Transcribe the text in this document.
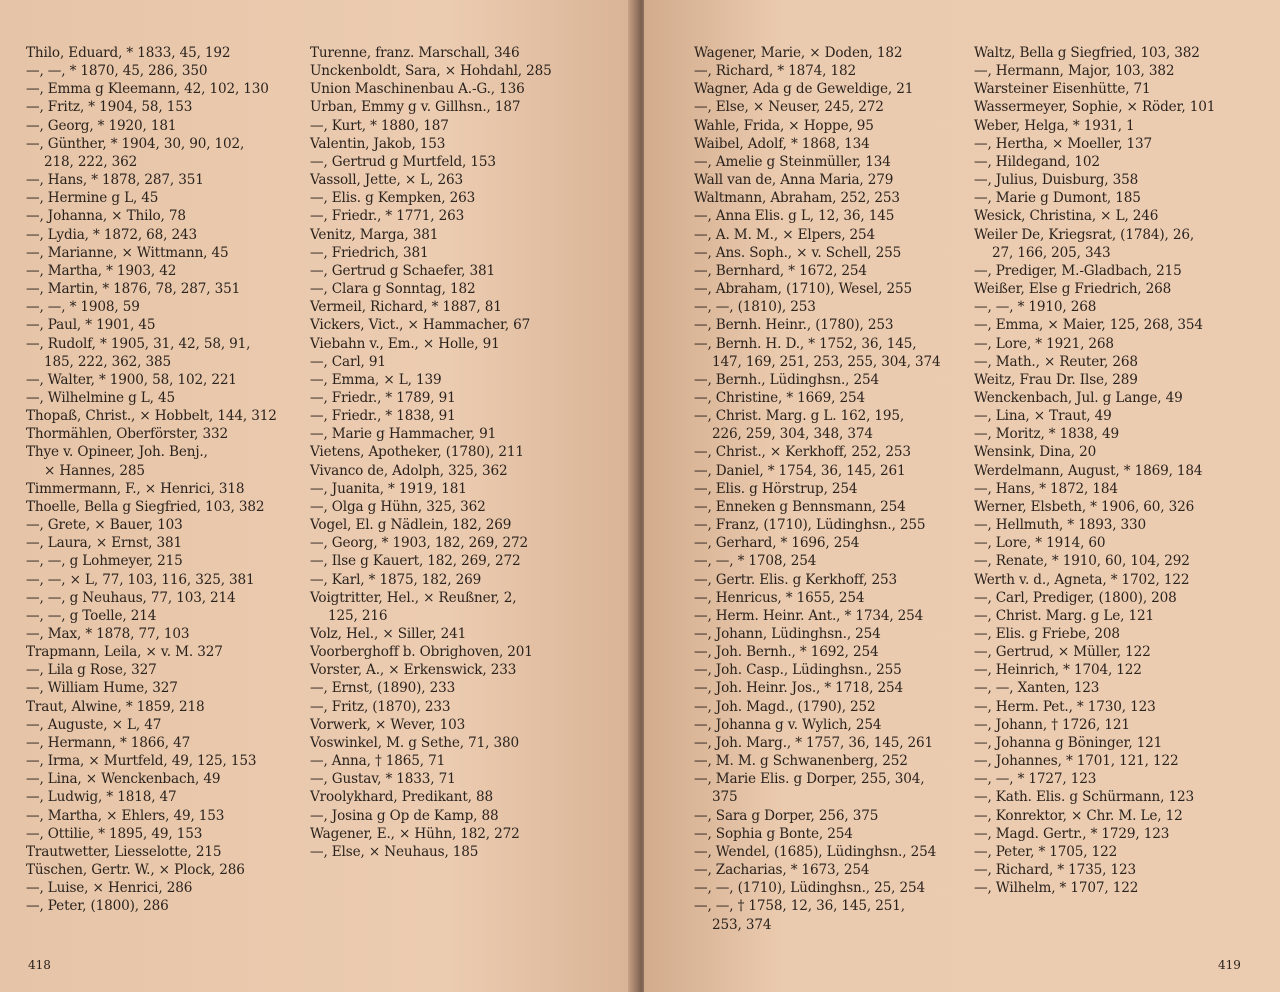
Thilo, Eduard, * 1833, 45, 192
—, —, * 1870, 45, 286, 350
—, Emma g Kleemann, 42, 102, 130
—, Fritz, * 1904, 58, 153
—, Georg, * 1920, 181
—, Günther, * 1904, 30, 90, 102,
218, 222, 362
—, Hans, * 1878, 287, 351
—, Hermine g L, 45
—, Johanna, × Thilo, 78
—, Lydia, * 1872, 68, 243
—, Marianne, × Wittmann, 45
—, Martha, * 1903, 42
—, Martin, * 1876, 78, 287, 351
—, —, * 1908, 59
—, Paul, * 1901, 45
—, Rudolf, * 1905, 31, 42, 58, 91,
185, 222, 362, 385
—, Walter, * 1900, 58, 102, 221
—, Wilhelmine g L, 45
Thopaß, Christ., × Hobbelt, 144, 312
Thormählen, Oberförster, 332
Thye v. Opineer, Joh. Benj.,
× Hannes, 285
Timmermann, F., × Henrici, 318
Thoelle, Bella g Siegfried, 103, 382
—, Grete, × Bauer, 103
—, Laura, × Ernst, 381
—, —, g Lohmeyer, 215
—, —, × L, 77, 103, 116, 325, 381
—, —, g Neuhaus, 77, 103, 214
—, —, g Toelle, 214
—, Max, * 1878, 77, 103
Trapmann, Leila, × v. M. 327
—, Lila g Rose, 327
—, William Hume, 327
Traut, Alwine, * 1859, 218
—, Auguste, × L, 47
—, Hermann, * 1866, 47
—, Irma, × Murtfeld, 49, 125, 153
—, Lina, × Wenckenbach, 49
—, Ludwig, * 1818, 47
—, Martha, × Ehlers, 49, 153
—, Ottilie, * 1895, 49, 153
Trautwetter, Liesselotte, 215
Tüschen, Gertr. W., × Plock, 286
—, Luise, × Henrici, 286
—, Peter, (1800), 286
Turenne, franz. Marschall, 346
Unckenboldt, Sara, × Hohdahl, 285
Union Maschinenbau A.-G., 136
Urban, Emmy g v. Gillhsn., 187
—, Kurt, * 1880, 187
Valentin, Jakob, 153
—, Gertrud g Murtfeld, 153
Vassoll, Jette, × L, 263
—, Elis. g Kempken, 263
—, Friedr., * 1771, 263
Venitz, Marga, 381
—, Friedrich, 381
—, Gertrud g Schaefer, 381
—, Clara g Sonntag, 182
Vermeil, Richard, * 1887, 81
Vickers, Vict., × Hammacher, 67
Viebahn v., Em., × Holle, 91
—, Carl, 91
—, Emma, × L, 139
—, Friedr., * 1789, 91
—, Friedr., * 1838, 91
—, Marie g Hammacher, 91
Vietens, Apotheker, (1780), 211
Vivanco de, Adolph, 325, 362
—, Juanita, * 1919, 181
—, Olga g Hühn, 325, 362
Vogel, El. g Nädlein, 182, 269
—, Georg, * 1903, 182, 269, 272
—, Ilse g Kauert, 182, 269, 272
—, Karl, * 1875, 182, 269
Voigtritter, Hel., × Reußner, 2,
125, 216
Volz, Hel., × Siller, 241
Voorberghoff b. Obrighoven, 201
Vorster, A., × Erkenswick, 233
—, Ernst, (1890), 233
—, Fritz, (1870), 233
Vorwerk, × Wever, 103
Voswinkel, M. g Sethe, 71, 380
—, Anna, † 1865, 71
—, Gustav, * 1833, 71
Vroolykhard, Predikant, 88
—, Josina g Op de Kamp, 88
Wagener, E., × Hühn, 182, 272
—, Else, × Neuhaus, 185
418
Wagener, Marie, × Doden, 182
—, Richard, * 1874, 182
Wagner, Ada g de Geweldige, 21
—, Else, × Neuser, 245, 272
Wahle, Frida, × Hoppe, 95
Waibel, Adolf, * 1868, 134
—, Amelie g Steinmüller, 134
Wall van de, Anna Maria, 279
Waltmann, Abraham, 252, 253
—, Anna Elis. g L, 12, 36, 145
—, A. M. M., × Elpers, 254
—, Ans. Soph., × v. Schell, 255
—, Bernhard, * 1672, 254
—, Abraham, (1710), Wesel, 255
—, —, (1810), 253
—, Bernh. Heinr., (1780), 253
—, Bernh. H. D., * 1752, 36, 145,
147, 169, 251, 253, 255, 304, 374
—, Bernh., Lüdinghsn., 254
—, Christine, * 1669, 254
—, Christ. Marg. g L. 162, 195,
226, 259, 304, 348, 374
—, Christ., × Kerkhoff, 252, 253
—, Daniel, * 1754, 36, 145, 261
—, Elis. g Hörstrup, 254
—, Enneken g Bennsmann, 254
—, Franz, (1710), Lüdinghsn., 255
—, Gerhard, * 1696, 254
—, —, * 1708, 254
—, Gertr. Elis. g Kerkhoff, 253
—, Henricus, * 1655, 254
—, Herm. Heinr. Ant., * 1734, 254
—, Johann, Lüdinghsn., 254
—, Joh. Bernh., * 1692, 254
—, Joh. Casp., Lüdinghsn., 255
—, Joh. Heinr. Jos., * 1718, 254
—, Joh. Magd., (1790), 252
—, Johanna g v. Wylich, 254
—, Joh. Marg., * 1757, 36, 145, 261
—, M. M. g Schwanenberg, 252
—, Marie Elis. g Dorper, 255, 304,
375
—, Sara g Dorper, 256, 375
—, Sophia g Bonte, 254
—, Wendel, (1685), Lüdinghsn., 254
—, Zacharias, * 1673, 254
—, —, (1710), Lüdinghsn., 25, 254
—, —, † 1758, 12, 36, 145, 251,
253, 374
Waltz, Bella g Siegfried, 103, 382
—, Hermann, Major, 103, 382
Warsteiner Eisenhütte, 71
Wassermeyer, Sophie, × Röder, 101
Weber, Helga, * 1931, 1
—, Hertha, × Moeller, 137
—, Hildegand, 102
—, Julius, Duisburg, 358
—, Marie g Dumont, 185
Wesick, Christina, × L, 246
Weiler De, Kriegsrat, (1784), 26,
27, 166, 205, 343
—, Prediger, M.-Gladbach, 215
Weißer, Else g Friedrich, 268
—, —, * 1910, 268
—, Emma, × Maier, 125, 268, 354
—, Lore, * 1921, 268
—, Math., × Reuter, 268
Weitz, Frau Dr. Ilse, 289
Wenckenbach, Jul. g Lange, 49
—, Lina, × Traut, 49
—, Moritz, * 1838, 49
Wensink, Dina, 20
Werdelmann, August, * 1869, 184
—, Hans, * 1872, 184
Werner, Elsbeth, * 1906, 60, 326
—, Hellmuth, * 1893, 330
—, Lore, * 1914, 60
—, Renate, * 1910, 60, 104, 292
Werth v. d., Agneta, * 1702, 122
—, Carl, Prediger, (1800), 208
—, Christ. Marg. g Le, 121
—, Elis. g Friebe, 208
—, Gertrud, × Müller, 122
—, Heinrich, * 1704, 122
—, —, Xanten, 123
—, Herm. Pet., * 1730, 123
—, Johann, † 1726, 121
—, Johanna g Böninger, 121
—, Johannes, * 1701, 121, 122
—, —, * 1727, 123
—, Kath. Elis. g Schürmann, 123
—, Konrektor, × Chr. M. Le, 12
—, Magd. Gertr., * 1729, 123
—, Peter, * 1705, 122
—, Richard, * 1735, 123
—, Wilhelm, * 1707, 122
419
